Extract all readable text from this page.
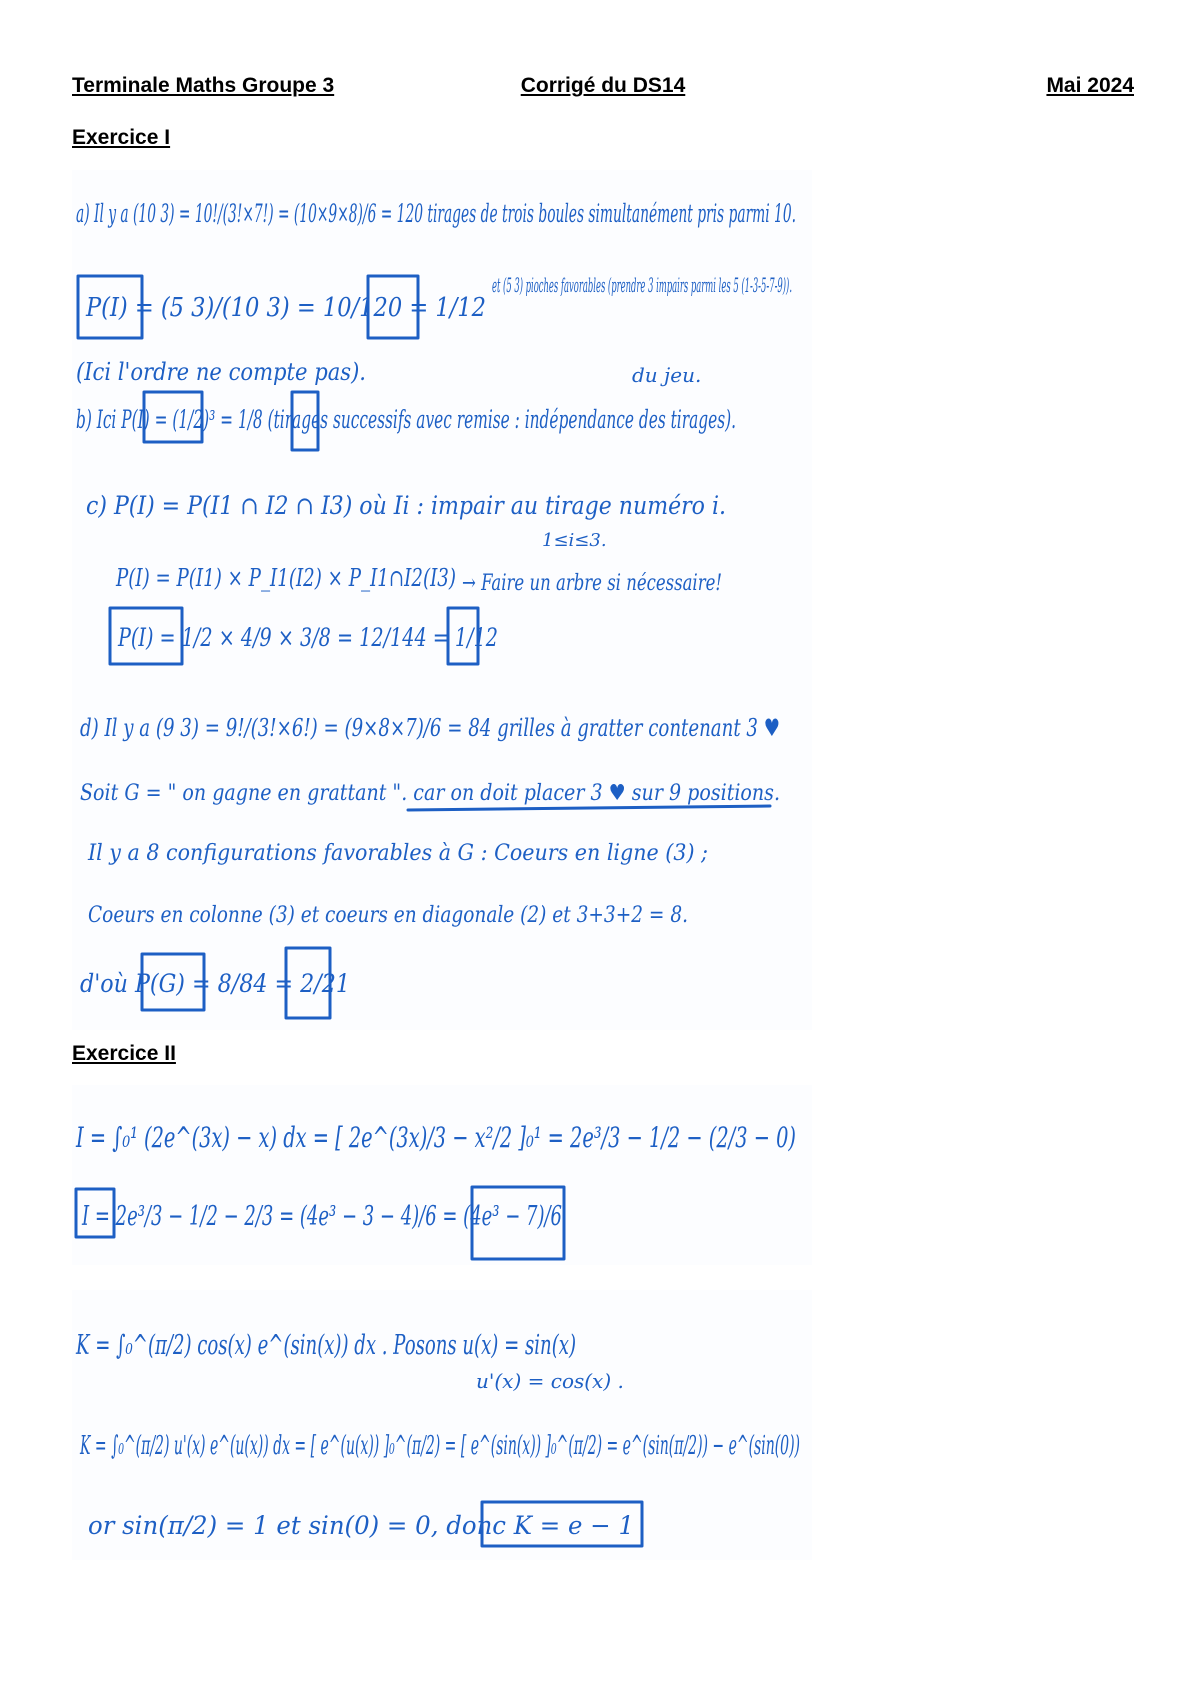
Corrigé du DS14
Terminale Maths Groupe 3	Mai 2024
Exercice I
a) Il y a (10 3) = 10!/(3!×7!) = (10×9×8)/6 = 120 tirages de trois boules simultanément pris parmi 10.
P(I) = (5 3)/(10 3) = 10/120 = 1/12
et (5 3) pioches favorables (prendre 3 impairs parmi les 5 (1-3-5-7-9)).
(Ici l'ordre ne compte pas).	du jeu.
b) Ici P(I) = (1/2)³ = 1/8 (tirages successifs avec remise : indépendance des tirages).
c) P(I) = P(I1 ∩ I2 ∩ I3) où Ii : impair au tirage numéro i.
1≤i≤3.
P(I) = P(I1) × P_I1(I2) × P_I1∩I2(I3) → Faire un arbre si nécessaire!
P(I) = 1/2 × 4/9 × 3/8 = 12/144 = 1/12
d) Il y a (9 3) = 9!/(3!×6!) = (9×8×7)/6 = 84 grilles à gratter contenant 3 ♥
Soit G = " on gagne en grattant ". car on doit placer 3 ♥ sur 9 positions.
Il y a 8 configurations favorables à G : Coeurs en ligne (3) ;
Coeurs en colonne (3) et coeurs en diagonale (2) et 3+3+2 = 8.
d'où P(G) = 8/84 = 2/21
Exercice II
I = ∫₀¹ (2e^(3x) − x) dx = [ 2e^(3x)/3 − x²/2 ]₀¹ = 2e³/3 − 1/2 − (2/3 − 0)
I = 2e³/3 − 1/2 − 2/3 = (4e³ − 3 − 4)/6 = (4e³ − 7)/6
K = ∫₀^(π/2) cos(x) e^(sin(x)) dx . Posons u(x) = sin(x)
u'(x) = cos(x) .
K = ∫₀^(π/2) u'(x) e^(u(x)) dx = [ e^(u(x)) ]₀^(π/2) = [ e^(sin(x)) ]₀^(π/2) = e^(sin(π/2)) − e^(sin(0))
or sin(π/2) = 1 et sin(0) = 0, donc K = e − 1
